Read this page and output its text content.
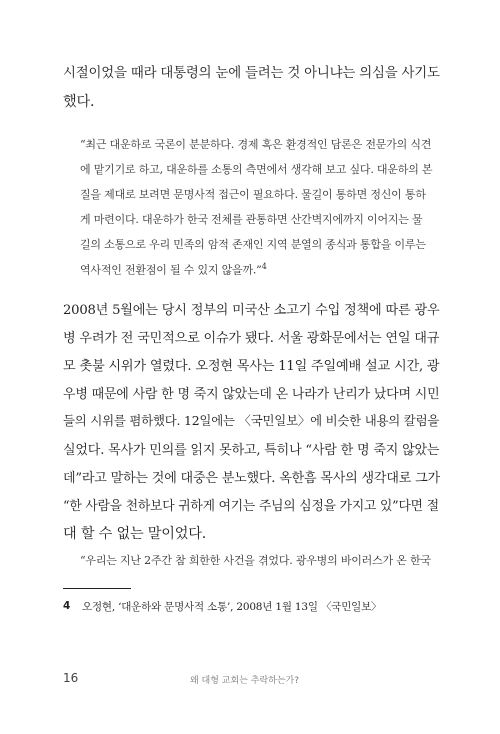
시절이었을 때라 대통령의 눈에 들려는 것 아니냐는 의심을 사기도
했다.
“최근 대운하로 국론이 분분하다. 경제 혹은 환경적인 담론은 전문가의 식견
에 맡기기로 하고, 대운하를 소통의 측면에서 생각해 보고 싶다. 대운하의 본
질을 제대로 보려면 문명사적 접근이 필요하다. 물길이 통하면 정신이 통하
게 마련이다. 대운하가 한국 전체를 관통하면 산간벽지에까지 이어지는 물
길의 소통으로 우리 민족의 암적 존재인 지역 분열의 종식과 통합을 이루는
역사적인 전환점이 될 수 있지 않을까.”$^4$
2008년 5월에는 당시 정부의 미국산 소고기 수입 정책에 따른 광우
병 우려가 전 국민적으로 이슈가 됐다. 서울 광화문에서는 연일 대규
모 촛불 시위가 열렸다. 오정현 목사는 11일 주일예배 설교 시간, 광
우병 때문에 사람 한 명 죽지 않았는데 온 나라가 난리가 났다며 시민
들의 시위를 폄하했다. 12일에는 〈국민일보〉에 비슷한 내용의 칼럼을
실었다. 목사가 민의를 읽지 못하고, 특히나 “사람 한 명 죽지 않았는
데”라고 말하는 것에 대중은 분노했다. 옥한흠 목사의 생각대로 그가
“한 사람을 천하보다 귀하게 여기는 주님의 심정을 가지고 있”다면 절
대 할 수 없는 말이었다.
“우리는 지난 2주간 참 희한한 사건을 겪었다. 광우병의 바이러스가 온 한국
4 오정현, ‘대운하와 문명사적 소통’, 2008년 1월 13일 〈국민일보〉
16	왜 대형 교회는 추락하는가?
